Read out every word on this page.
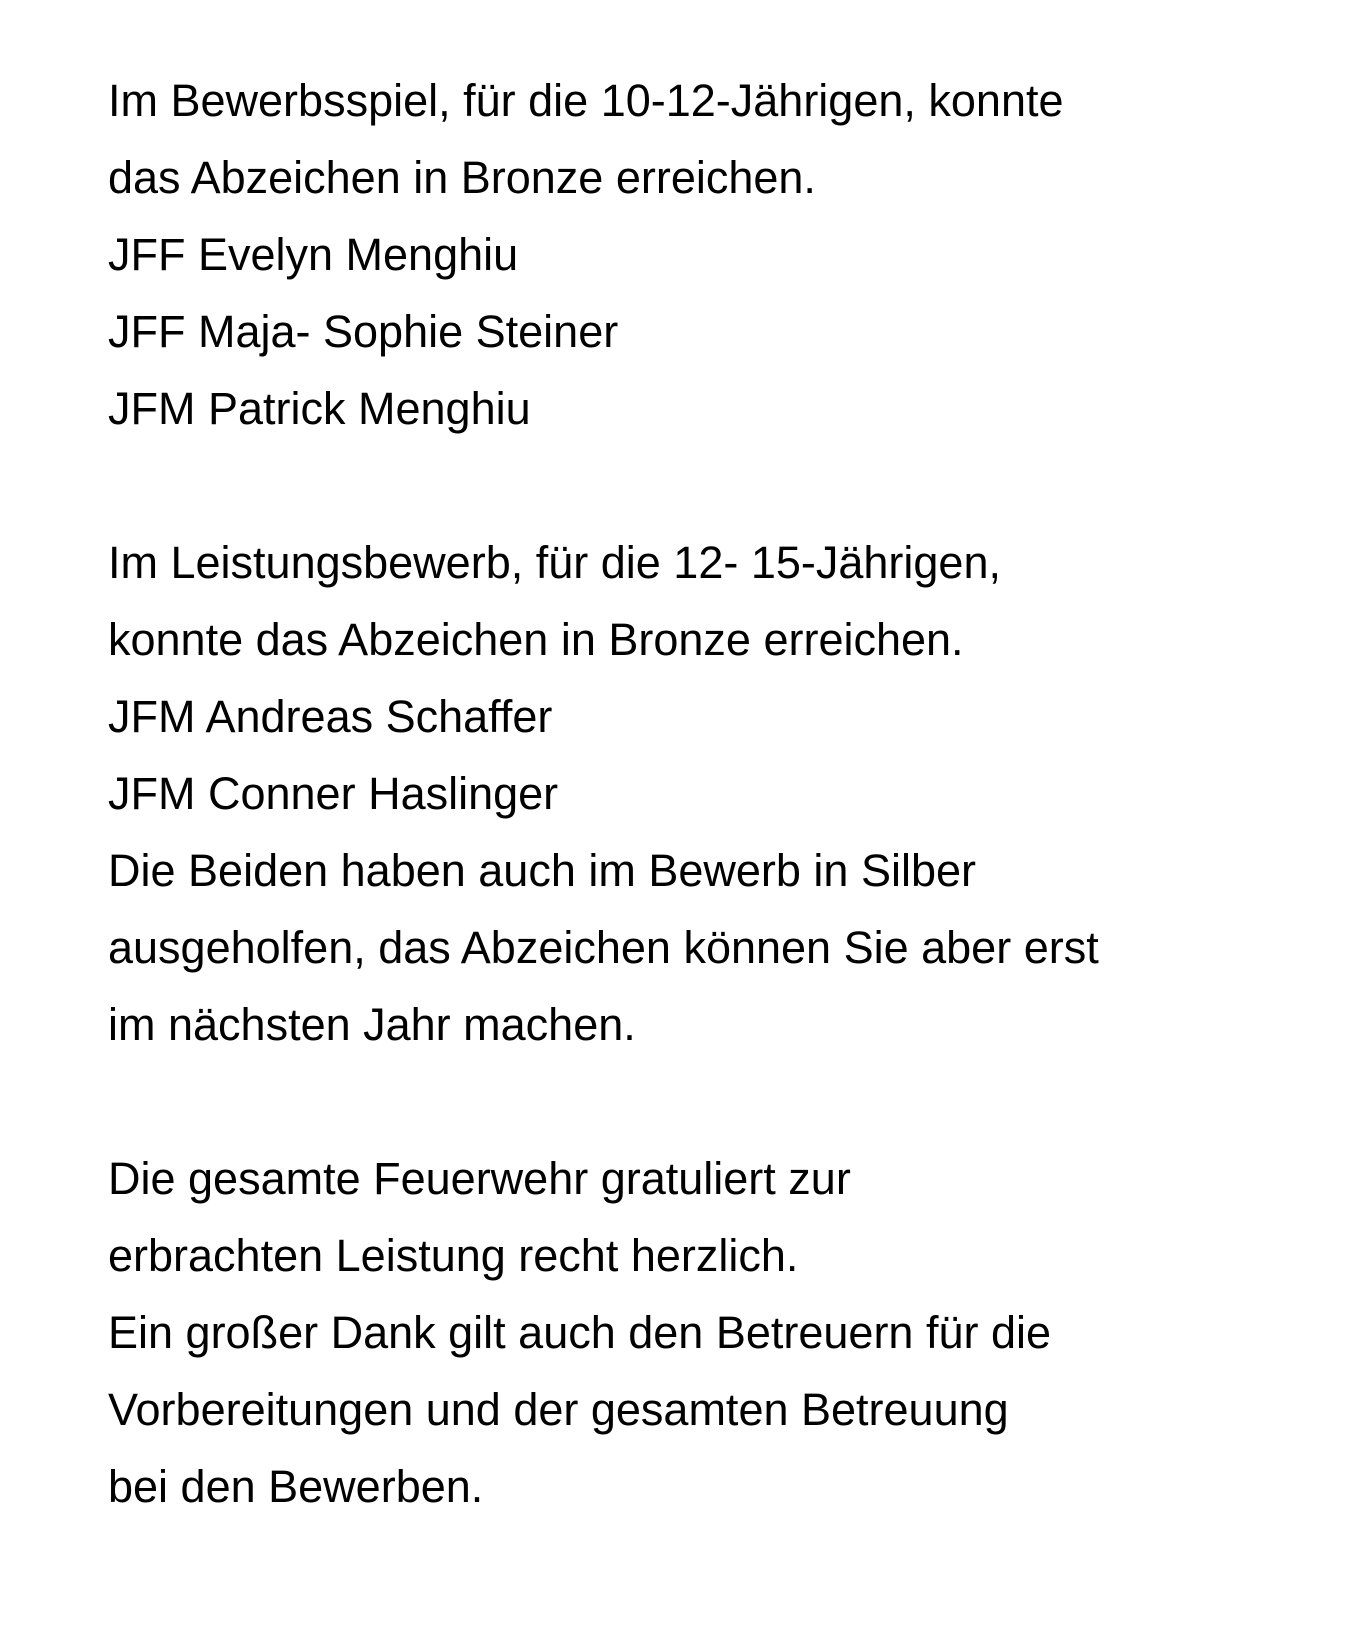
Im Bewerbsspiel, für die 10-12-Jährigen, konnte
das Abzeichen in Bronze erreichen.
JFF Evelyn Menghiu
JFF Maja- Sophie Steiner
JFM Patrick Menghiu
Im Leistungsbewerb, für die 12- 15-Jährigen,
konnte das Abzeichen in Bronze erreichen.
JFM Andreas Schaffer
JFM Conner Haslinger
Die Beiden haben auch im Bewerb in Silber
ausgeholfen, das Abzeichen können Sie aber erst
im nächsten Jahr machen.
Die gesamte Feuerwehr gratuliert zur
erbrachten Leistung recht herzlich.
Ein großer Dank gilt auch den Betreuern für die
Vorbereitungen und der gesamten Betreuung
bei den Bewerben.
